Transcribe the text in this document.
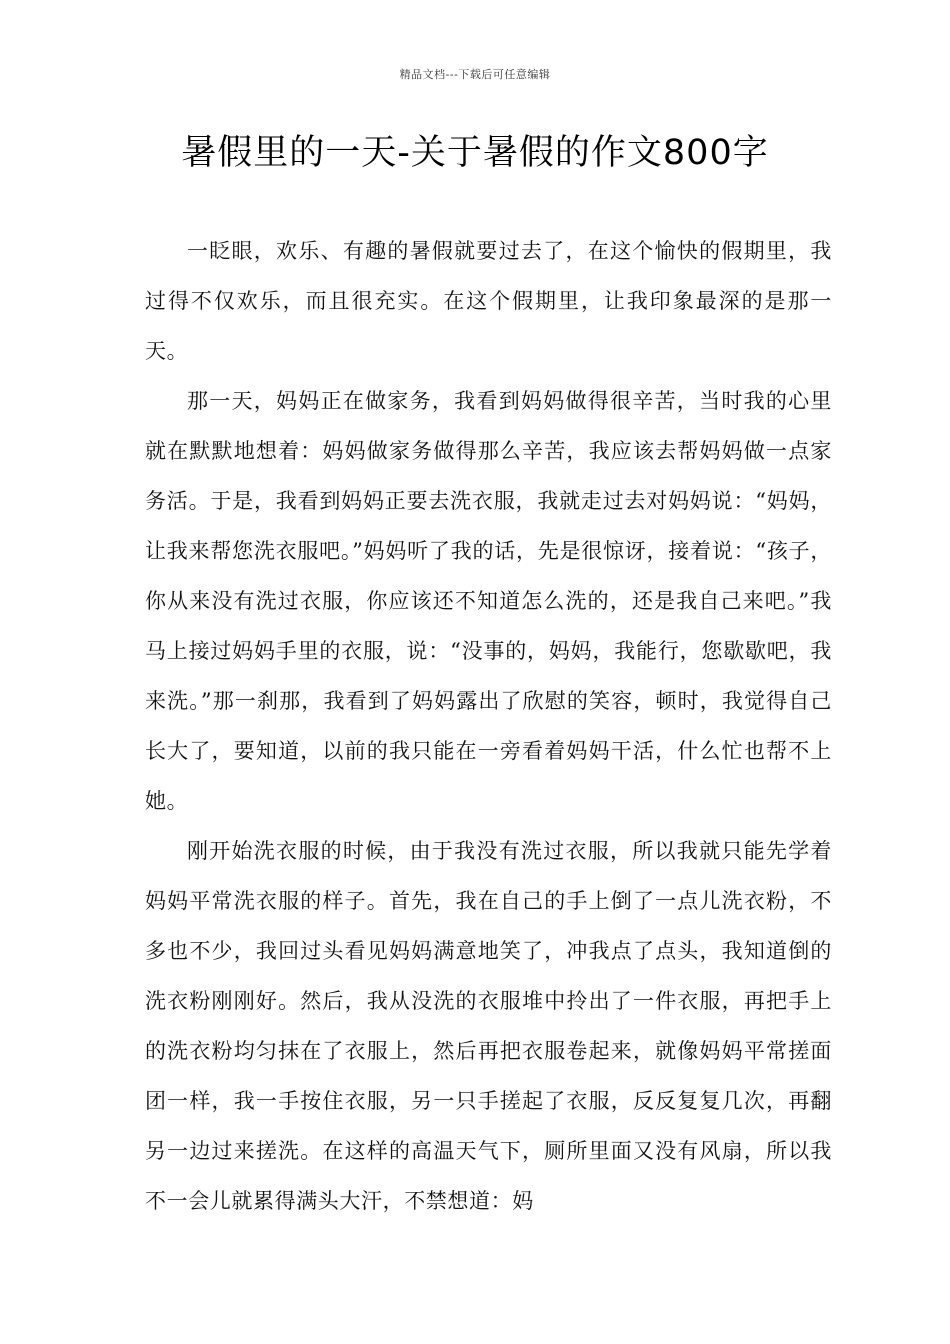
精品文档---下载后可任意编辑
暑假里的一天-关于暑假的作文800字

一眨眼，欢乐、有趣的暑假就要过去了，在这个愉快的假期里，我过得不仅欢乐，而且很充实。在这个假期里，让我印象最深的是那一天。

那一天，妈妈正在做家务，我看到妈妈做得很辛苦，当时我的心里就在默默地想着：妈妈做家务做得那么辛苦，我应该去帮妈妈做一点家务活。于是，我看到妈妈正要去洗衣服，我就走过去对妈妈说：“妈妈，让我来帮您洗衣服吧。”妈妈听了我的话，先是很惊讶，接着说：“孩子，你从来没有洗过衣服，你应该还不知道怎么洗的，还是我自己来吧。”我马上接过妈妈手里的衣服，说：“没事的，妈妈，我能行，您歇歇吧，我来洗。”那一刹那，我看到了妈妈露出了欣慰的笑容，顿时，我觉得自己长大了，要知道，以前的我只能在一旁看着妈妈干活，什么忙也帮不上她。

刚开始洗衣服的时候，由于我没有洗过衣服，所以我就只能先学着妈妈平常洗衣服的样子。首先，我在自己的手上倒了一点儿洗衣粉，不多也不少，我回过头看见妈妈满意地笑了，冲我点了点头，我知道倒的洗衣粉刚刚好。然后，我从没洗的衣服堆中拎出了一件衣服，再把手上的洗衣粉均匀抹在了衣服上，然后再把衣服卷起来，就像妈妈平常搓面团一样，我一手按住衣服，另一只手搓起了衣服，反反复复几次，再翻另一边过来搓洗。在这样的高温天气下，厕所里面又没有风扇，所以我不一会儿就累得满头大汗，不禁想道：妈
